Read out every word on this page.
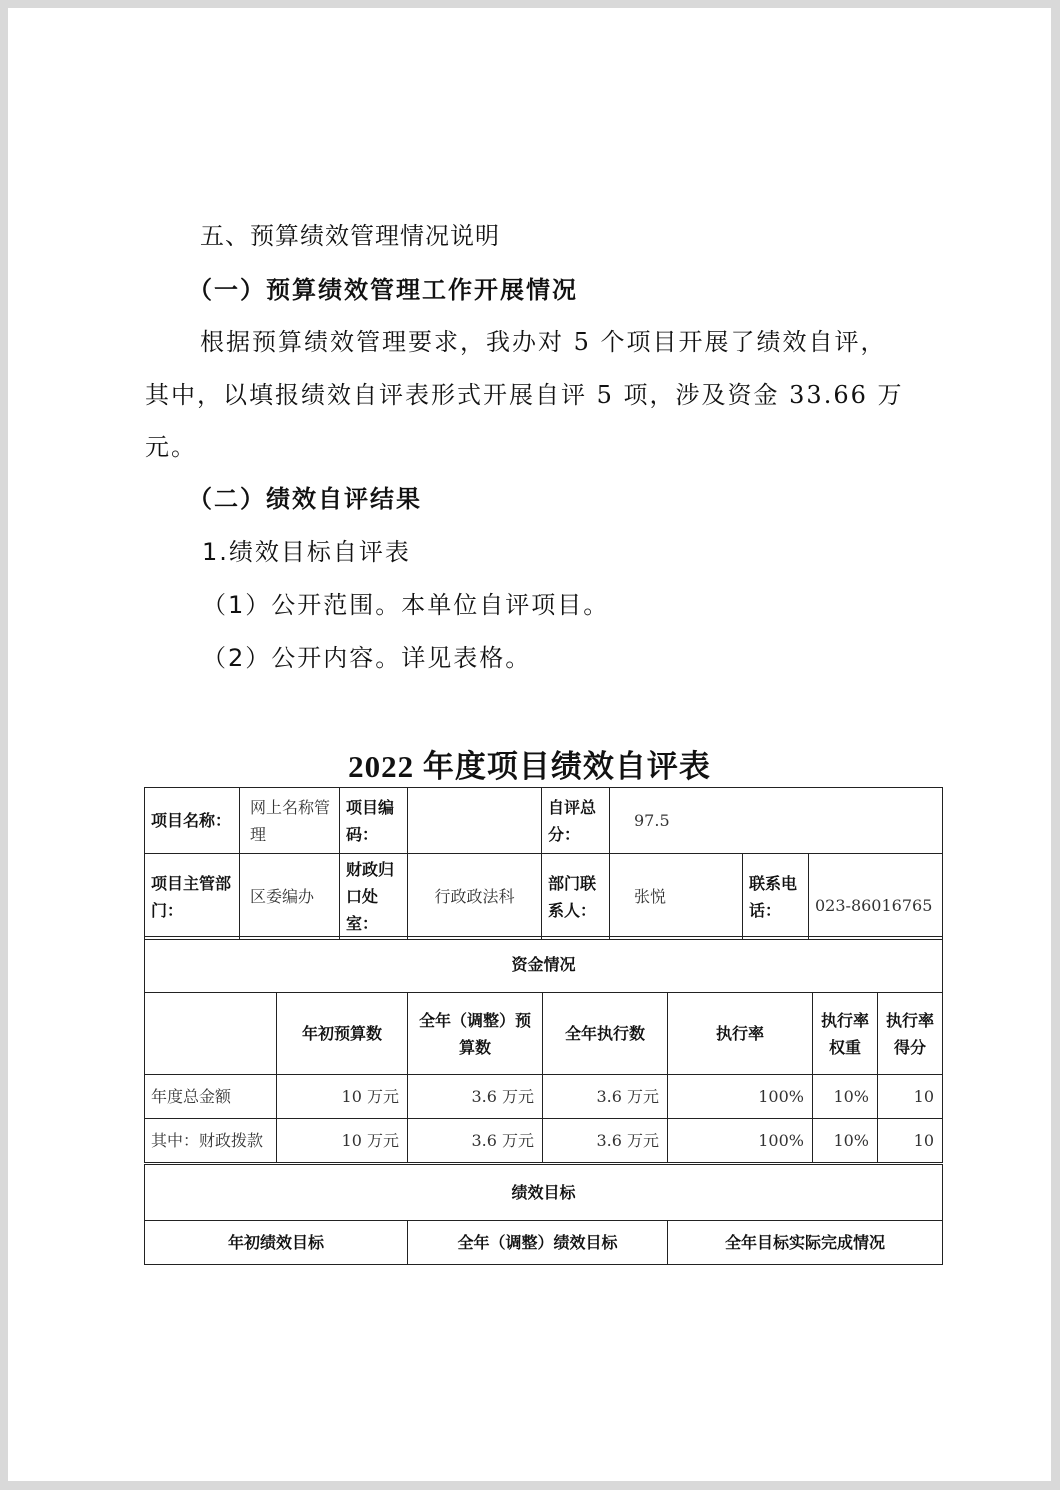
五、预算绩效管理情况说明
（一）预算绩效管理工作开展情况
根据预算绩效管理要求，我办对 5 个项目开展了绩效自评，
其中，以填报绩效自评表形式开展自评 5 项，涉及资金 33.66 万
元。
（二）绩效自评结果
1.绩效目标自评表
（1）公开范围。本单位自评项目。
（2）公开内容。详见表格。
2022 年度项目绩效自评表
项目名称：	网上名称管理	项目编码：		自评总分：	97.5		
项目主管部门：	区委编办	财政归口处室：	行政政法科	部门联系人：	张悦	联系电话：	023-86016765
资金情况						
	年初预算数	全年（调整）预算数	全年执行数	执行率	执行率权重	执行率得分
年度总金额	10 万元	3.6 万元	3.6 万元	100%	10%	10
其中：财政拨款	10 万元	3.6 万元	3.6 万元	100%	10%	10
绩效目标
年初绩效目标	全年（调整）绩效目标	全年目标实际完成情况
